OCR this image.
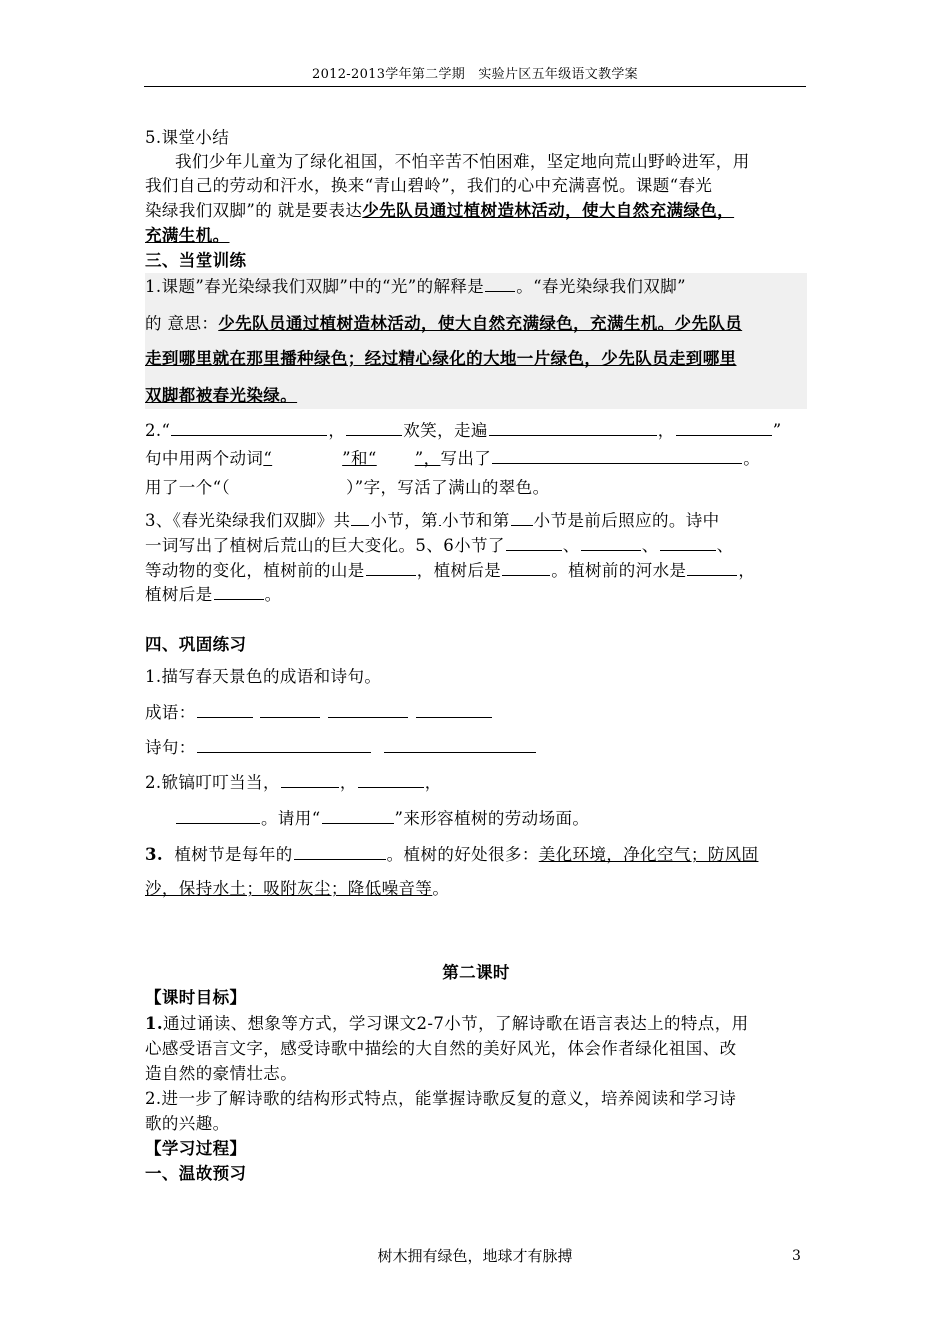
2012-2013学年第二学期　实验片区五年级语文教学案
5.课堂小结
我们少年儿童为了绿化祖国，不怕辛苦不怕困难，坚定地向荒山野岭进军，用
我们自己的劳动和汗水，换来“青山碧岭”，我们的心中充满喜悦。课题“春光
染绿我们双脚”的 就是要表达少先队员通过植树造林活动，使大自然充满绿色，
充满生机。
三、当堂训练
1.课题”春光染绿我们双脚”中的“光”的解释是 。“春光染绿我们双脚”
的 意思：少先队员通过植树造林活动，使大自然充满绿色，充满生机。少先队员
走到哪里就在那里播种绿色；经过精心绿化的大地一片绿色，少先队员走到哪里
双脚都被春光染绿。
2.“	，	欢笑，走遍	，	”
句中用两个动词“	”和“ ”，写出了	。
用了一个“（	）”字，写活了满山的翠色。
3、《春光染绿我们双脚》共 小节，第 小节和第 小节是前后照应的。诗中
一词写出了植树后荒山的巨大变化。5、6小节了	、	、	、
等动物的变化，植树前的山是	，植树后是	。植树前的河水是	，
植树后是	。
四、巩固练习
1.描写春天景色的成语和诗句。
成语：
诗句：
2.锨镐叮叮当当，	，	，
。请用“	”来形容植树的劳动场面。
3. 植树节是每年的	。植树的好处很多：美化环境，净化空气；防风固
沙，保持水土；吸附灰尘；降低噪音等。
第二课时
【课时目标】
1.通过诵读、想象等方式，学习课文2-7小节，了解诗歌在语言表达上的特点，用
心感受语言文字，感受诗歌中描绘的大自然的美好风光，体会作者绿化祖国、改
造自然的豪情壮志。
2.进一步了解诗歌的结构形式特点，能掌握诗歌反复的意义，培养阅读和学习诗
歌的兴趣。
【学习过程】
一、温故预习
树木拥有绿色，地球才有脉搏	3
